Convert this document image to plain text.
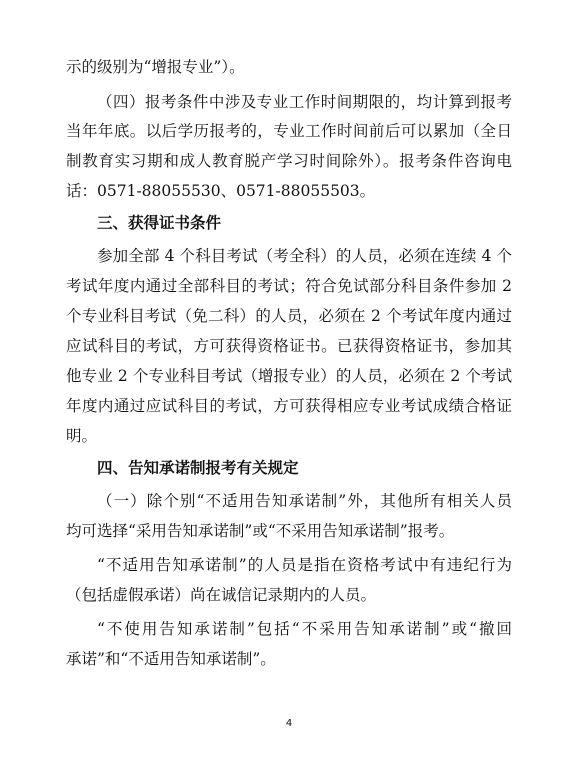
示的级别为“增报专业”）。
（四）报考条件中涉及专业工作时间期限的，均计算到报考
当年年底。以后学历报考的，专业工作时间前后可以累加（全日
制教育实习期和成人教育脱产学习时间除外）。报考条件咨询电
话：0571-88055530、0571-88055503。
三、获得证书条件
参加全部 4 个科目考试（考全科）的人员，必须在连续 4 个
考试年度内通过全部科目的考试；符合免试部分科目条件参加 2
个专业科目考试（免二科）的人员，必须在 2 个考试年度内通过
应试科目的考试，方可获得资格证书。已获得资格证书，参加其
他专业 2 个专业科目考试（增报专业）的人员，必须在 2 个考试
年度内通过应试科目的考试，方可获得相应专业考试成绩合格证
明。
四、告知承诺制报考有关规定
（一）除个别“不适用告知承诺制”外，其他所有相关人员
均可选择“采用告知承诺制”或“不采用告知承诺制”报考。
“不适用告知承诺制”的人员是指在资格考试中有违纪行为
（包括虚假承诺）尚在诚信记录期内的人员。
“不使用告知承诺制”包括“不采用告知承诺制”或“撤回
承诺”和“不适用告知承诺制”。
4
